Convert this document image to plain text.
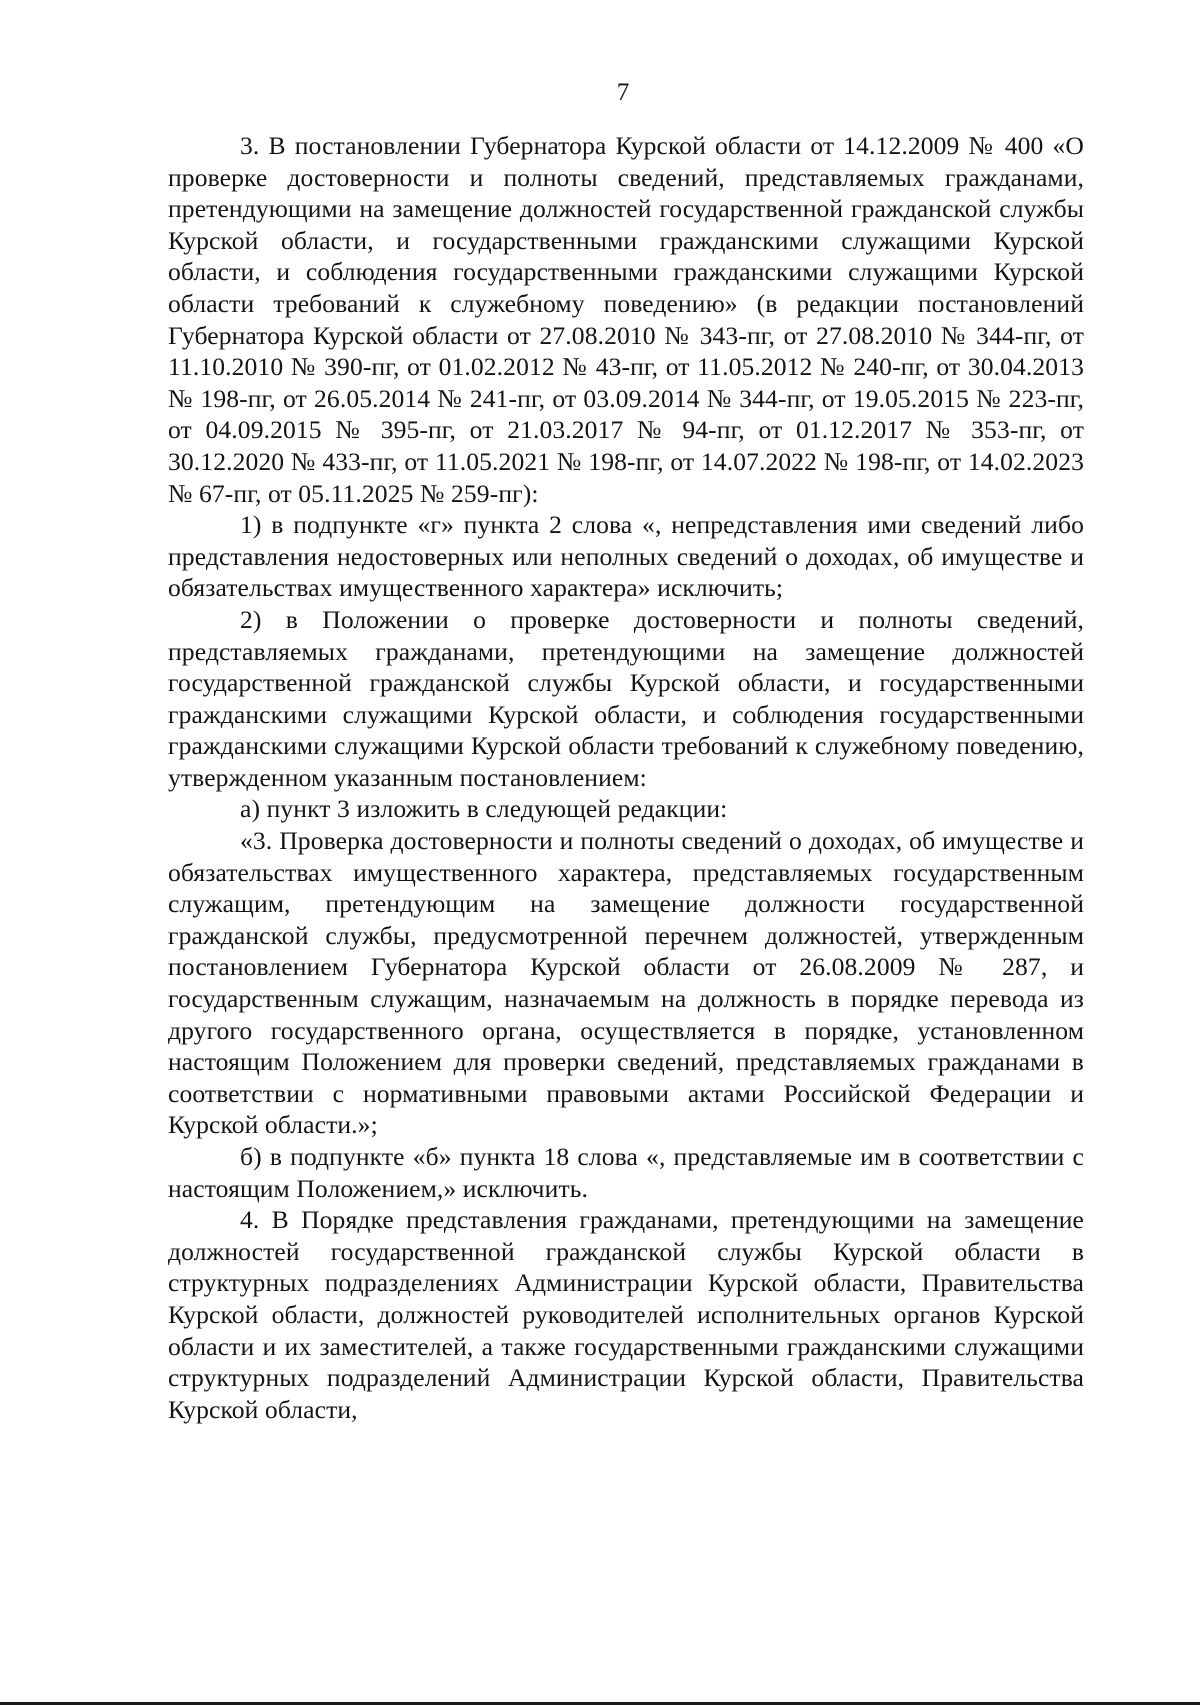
7

3. В постановлении Губернатора Курской области от 14.12.2009 № 400 «О проверке достоверности и полноты сведений, представляемых гражданами, претендующими на замещение должностей государственной гражданской службы Курской области, и государственными гражданскими служащими Курской области, и соблюдения государственными гражданскими служащими Курской области требований к служебному поведению» (в редакции постановлений Губернатора Курской области от 27.08.2010 № 343-пг, от 27.08.2010 № 344-пг, от 11.10.2010 № 390-пг, от 01.02.2012 № 43-пг, от 11.05.2012 № 240-пг, от 30.04.2013 № 198-пг, от 26.05.2014 № 241-пг, от 03.09.2014 № 344-пг, от 19.05.2015 № 223-пг, от 04.09.2015 № 395-пг, от 21.03.2017 № 94-пг, от 01.12.2017 № 353-пг, от 30.12.2020 № 433-пг, от 11.05.2021 № 198-пг, от 14.07.2022 № 198-пг, от 14.02.2023 № 67-пг, от 05.11.2025 № 259-пг):

1) в подпункте «г» пункта 2 слова «, непредставления ими сведений либо представления недостоверных или неполных сведений о доходах, об имуществе и обязательствах имущественного характера» исключить;

2) в Положении о проверке достоверности и полноты сведений, представляемых гражданами, претендующими на замещение должностей государственной гражданской службы Курской области, и государственными гражданскими служащими Курской области, и соблюдения государственными гражданскими служащими Курской области требований к служебному поведению, утвержденном указанным постановлением:

а) пункт 3 изложить в следующей редакции:

«3. Проверка достоверности и полноты сведений о доходах, об имуществе и обязательствах имущественного характера, представляемых государственным служащим, претендующим на замещение должности государственной гражданской службы, предусмотренной перечнем должностей, утвержденным постановлением Губернатора Курской области от 26.08.2009 № 287, и государственным служащим, назначаемым на должность в порядке перевода из другого государственного органа, осуществляется в порядке, установленном настоящим Положением для проверки сведений, представляемых гражданами в соответствии с нормативными правовыми актами Российской Федерации и Курской области.»;

б) в подпункте «б» пункта 18 слова «, представляемые им в соответствии с настоящим Положением,» исключить.

4. В Порядке представления гражданами, претендующими на замещение должностей государственной гражданской службы Курской области в структурных подразделениях Администрации Курской области, Правительства Курской области, должностей руководителей исполнительных органов Курской области и их заместителей, а также государственными гражданскими служащими структурных подразделений Администрации Курской области, Правительства Курской области,
